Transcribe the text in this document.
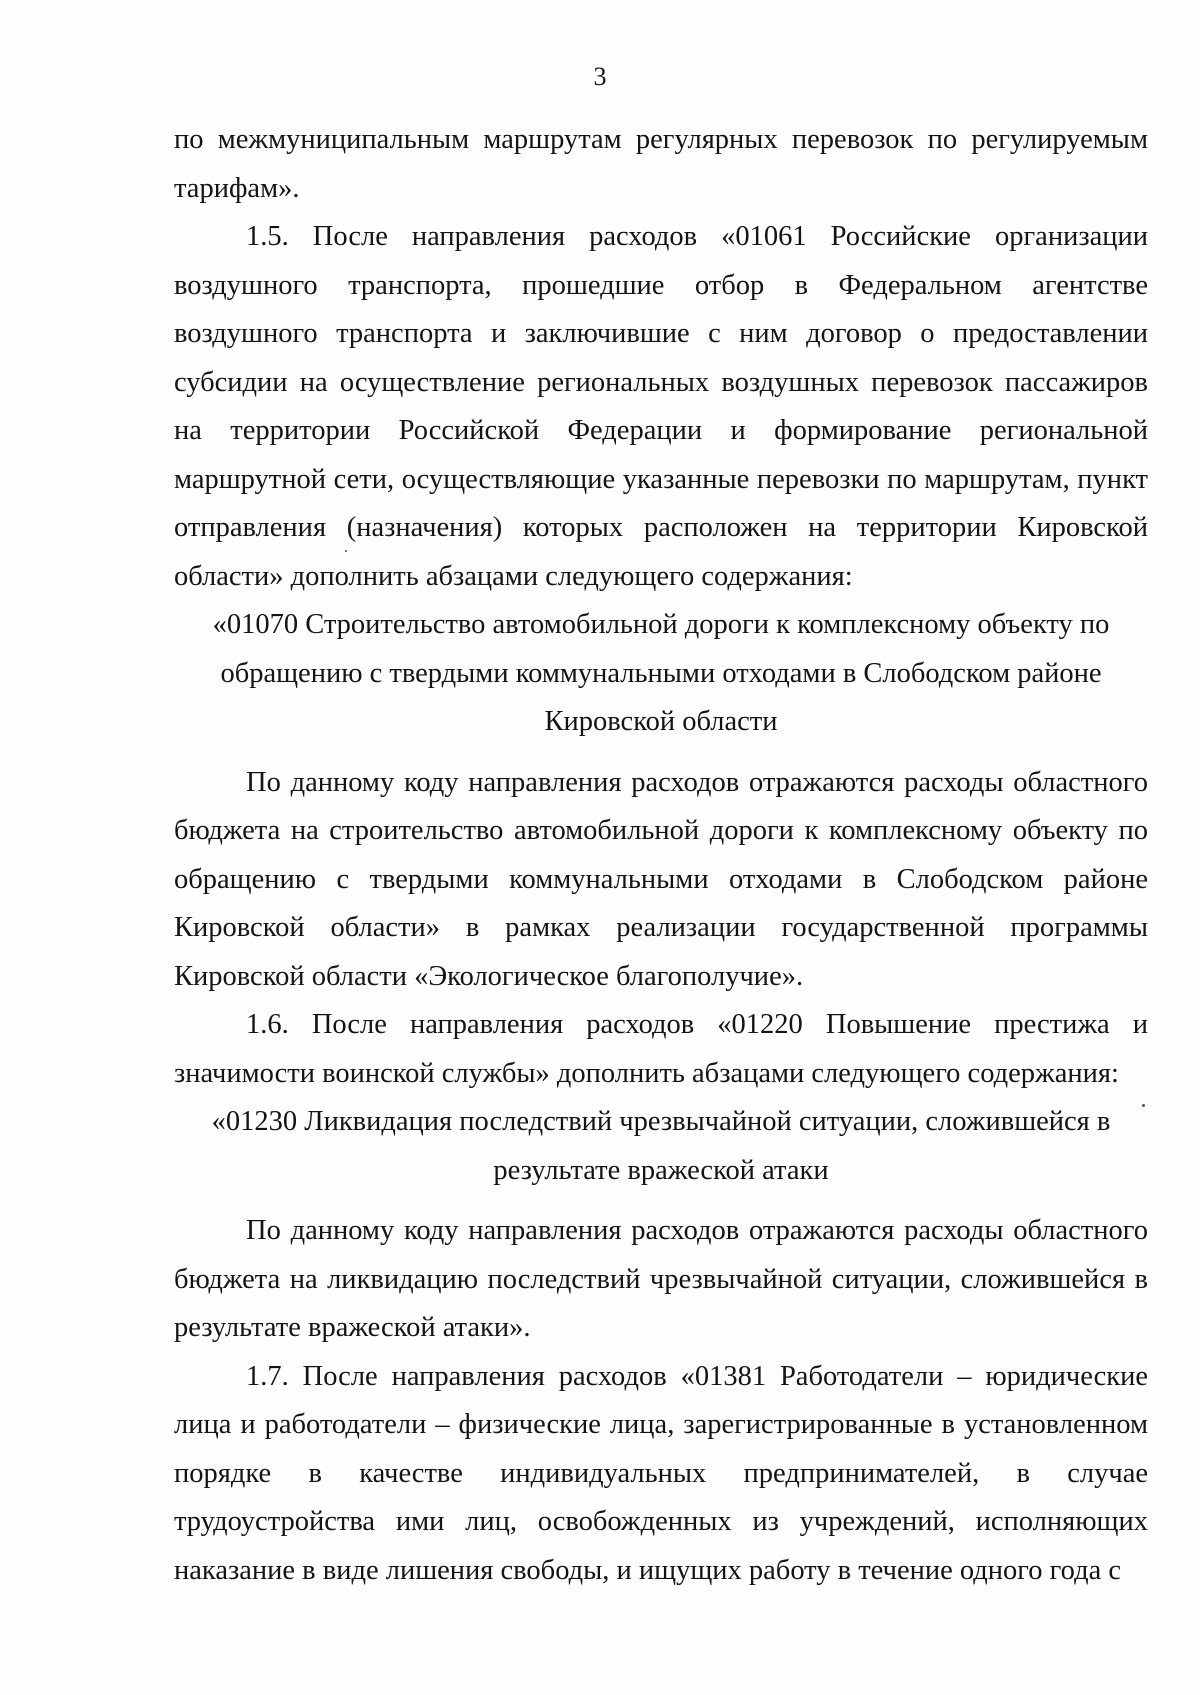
3

по межмуниципальным маршрутам регулярных перевозок по регулируемым тарифам».

1.5. После направления расходов «01061 Российские организации воздушного транспорта, прошедшие отбор в Федеральном агентстве воздушного транспорта и заключившие с ним договор о предоставлении субсидии на осуществление региональных воздушных перевозок пассажиров на территории Российской Федерации и формирование региональной маршрутной сети, осуществляющие указанные перевозки по маршрутам, пункт отправления (назначения) которых расположен на территории Кировской области» дополнить абзацами следующего содержания:

«01070 Строительство автомобильной дороги к комплексному объекту по обращению с твердыми коммунальными отходами в Слободском районе Кировской области

По данному коду направления расходов отражаются расходы областного бюджета на строительство автомобильной дороги к комплексному объекту по обращению с твердыми коммунальными отходами в Слободском районе Кировской области» в рамках реализации государственной программы Кировской области «Экологическое благополучие».

1.6. После направления расходов «01220 Повышение престижа и значимости воинской службы» дополнить абзацами следующего содержания:

«01230 Ликвидация последствий чрезвычайной ситуации, сложившейся в результате вражеской атаки

По данному коду направления расходов отражаются расходы областного бюджета на ликвидацию последствий чрезвычайной ситуации, сложившейся в результате вражеской атаки».

1.7. После направления расходов «01381 Работодатели – юридические лица и работодатели – физические лица, зарегистрированные в установленном порядке в качестве индивидуальных предпринимателей, в случае трудоустройства ими лиц, освобожденных из учреждений, исполняющих наказание в виде лишения свободы, и ищущих работу в течение одного года с
